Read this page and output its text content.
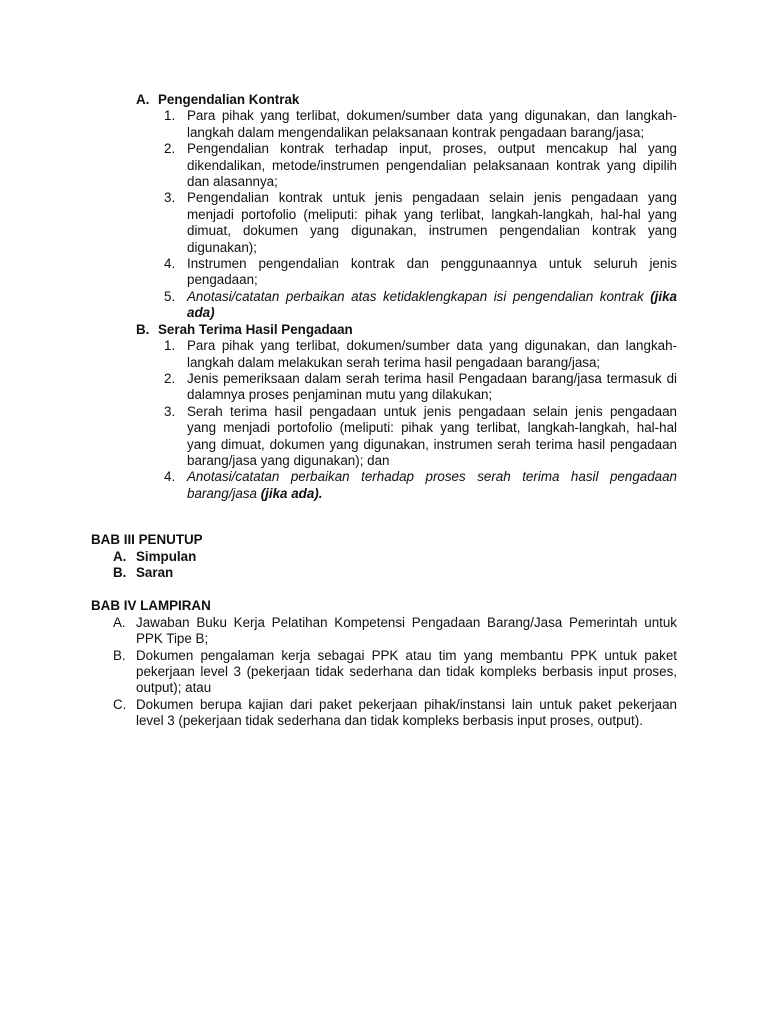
A. Pengendalian Kontrak
1. Para pihak yang terlibat, dokumen/sumber data yang digunakan, dan langkah-langkah dalam mengendalikan pelaksanaan kontrak pengadaan barang/jasa;
2. Pengendalian kontrak terhadap input, proses, output mencakup hal yang dikendalikan, metode/instrumen pengendalian pelaksanaan kontrak yang dipilih dan alasannya;
3. Pengendalian kontrak untuk jenis pengadaan selain jenis pengadaan yang menjadi portofolio (meliputi: pihak yang terlibat, langkah-langkah, hal-hal yang dimuat, dokumen yang digunakan, instrumen pengendalian kontrak yang digunakan);
4. Instrumen pengendalian kontrak dan penggunaannya untuk seluruh jenis pengadaan;
5. Anotasi/catatan perbaikan atas ketidaklengkapan isi pengendalian kontrak (jika ada)
B. Serah Terima Hasil Pengadaan
1. Para pihak yang terlibat, dokumen/sumber data yang digunakan, dan langkah-langkah dalam melakukan serah terima hasil pengadaan barang/jasa;
2. Jenis pemeriksaan dalam serah terima hasil Pengadaan barang/jasa termasuk di dalamnya proses penjaminan mutu yang dilakukan;
3. Serah terima hasil pengadaan untuk jenis pengadaan selain jenis pengadaan yang menjadi portofolio (meliputi: pihak yang terlibat, langkah-langkah, hal-hal yang dimuat, dokumen yang digunakan, instrumen serah terima hasil pengadaan barang/jasa yang digunakan); dan
4. Anotasi/catatan perbaikan terhadap proses serah terima hasil pengadaan barang/jasa (jika ada).
BAB III PENUTUP
A. Simpulan
B. Saran
BAB IV LAMPIRAN
A. Jawaban Buku Kerja Pelatihan Kompetensi Pengadaan Barang/Jasa Pemerintah untuk PPK Tipe B;
B. Dokumen pengalaman kerja sebagai PPK atau tim yang membantu PPK untuk paket pekerjaan level 3 (pekerjaan tidak sederhana dan tidak kompleks berbasis input proses, output); atau
C. Dokumen berupa kajian dari paket pekerjaan pihak/instansi lain untuk paket pekerjaan level 3 (pekerjaan tidak sederhana dan tidak kompleks berbasis input proses, output).
